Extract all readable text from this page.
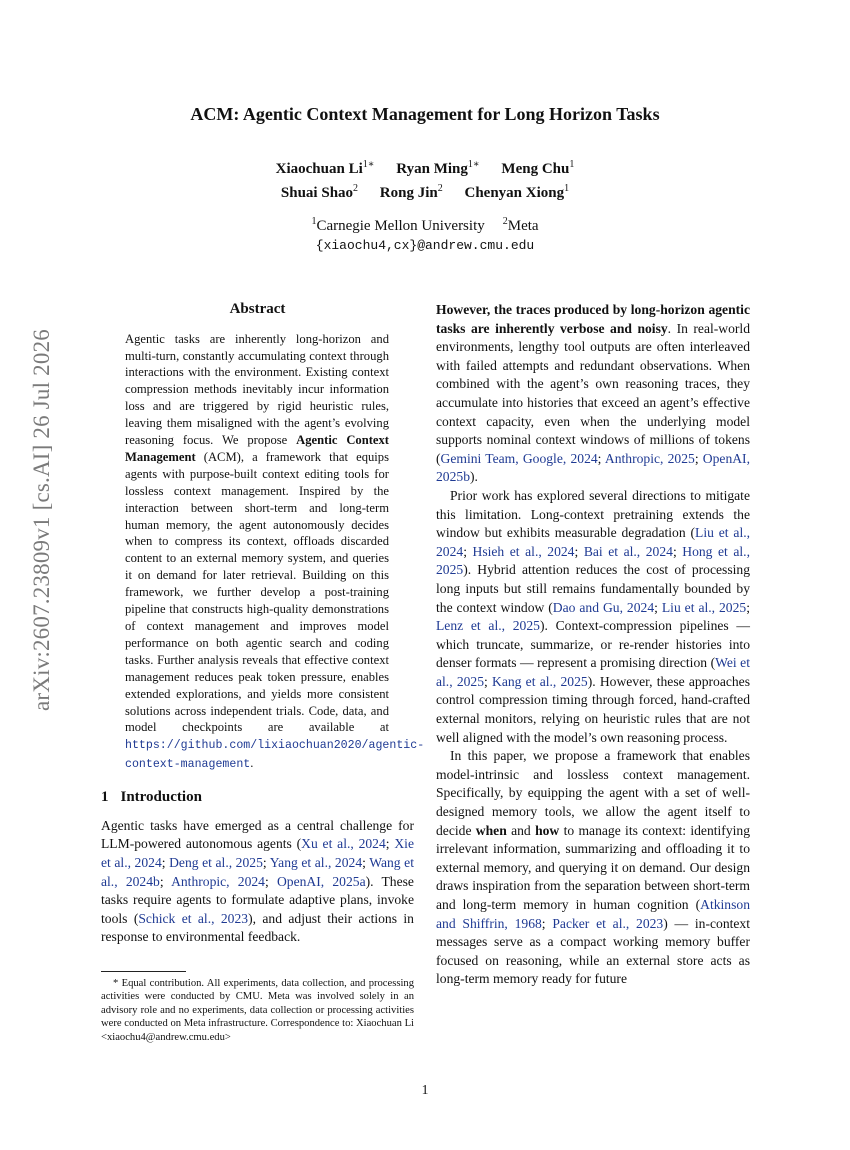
arXiv:2607.23809v1 [cs.AI] 26 Jul 2026
ACM: Agentic Context Management for Long Horizon Tasks
Xiaochuan $Li^{1∗}$ Ryan Ming$^{1∗}$ Meng Chu$^1$
Shuai Shao$^2$ Rong Jin$^2$ Chenyan Xiong$^1$
$^1$Carnegie Mellon University $^2$Meta
{xiaochu4,cx}@andrew.cmu.edu
Abstract

Agentic tasks are inherently long-horizon and multi-turn, constantly accumulating context through interactions with the environment. Existing context compression methods inevitably incur information loss and are triggered by rigid heuristic rules, leaving them misaligned with the agent’s evolving reasoning focus. We propose Agentic Context Management (ACM), a framework that equips agents with purpose-built context editing tools for lossless context management. Inspired by the interaction between short-term and long-term human memory, the agent autonomously decides when to compress its context, offloads discarded content to an external memory system, and queries it on demand for later retrieval. Building on this framework, we further develop a post-training pipeline that constructs high-quality demonstrations of context management and improves model performance on both agentic search and coding tasks. Further analysis reveals that effective context management reduces peak token pressure, enables extended explorations, and yields more consistent solutions across independent trials. Code, data, and model checkpoints are available at https://github.com/lixiaochuan2020/agentic-context-management.

1 Introduction

Agentic tasks have emerged as a central challenge for LLM-powered autonomous agents (Xu et al., 2024; Xie et al., 2024; Deng et al., 2025; Yang et al., 2024; Wang et al., 2024b; Anthropic, 2024; OpenAI, 2025a). These tasks require agents to formulate adaptive plans, invoke tools (Schick et al., 2023), and adjust their actions in response to environmental feedback.

* Equal contribution. All experiments, data collection, and processing activities were conducted by CMU. Meta was involved solely in an advisory role and no experiments, data collection or processing activities were conducted on Meta infrastructure. Correspondence to: Xiaochuan Li <xiaochu4@andrew.cmu.edu>

However, the traces produced by long-horizon agentic tasks are inherently verbose and noisy. In real-world environments, lengthy tool outputs are often interleaved with failed attempts and redundant observations. When combined with the agent’s own reasoning traces, they accumulate into histories that exceed an agent’s effective context capacity, even when the underlying model supports nominal context windows of millions of tokens (Gemini Team, Google, 2024; Anthropic, 2025; OpenAI, 2025b).

Prior work has explored several directions to mitigate this limitation. Long-context pretraining extends the window but exhibits measurable degradation (Liu et al., 2024; Hsieh et al., 2024; Bai et al., 2024; Hong et al., 2025). Hybrid attention reduces the cost of processing long inputs but still remains fundamentally bounded by the context window (Dao and Gu, 2024; Liu et al., 2025; Lenz et al., 2025). Context-compression pipelines — which truncate, summarize, or re-render histories into denser formats — represent a promising direction (Wei et al., 2025; Kang et al., 2025). However, these approaches control compression timing through forced, hand-crafted external monitors, relying on heuristic rules that are not well aligned with the model’s own reasoning process.

In this paper, we propose a framework that enables model-intrinsic and lossless context management. Specifically, by equipping the agent with a set of well-designed memory tools, we allow the agent itself to decide when and how to manage its context: identifying irrelevant information, summarizing and offloading it to external memory, and querying it on demand. Our design draws inspiration from the separation between short-term and long-term memory in human cognition (Atkinson and Shiffrin, 1968; Packer et al., 2023) — in-context messages serve as a compact working memory buffer focused on reasoning, while an external store acts as long-term memory ready for future

1
